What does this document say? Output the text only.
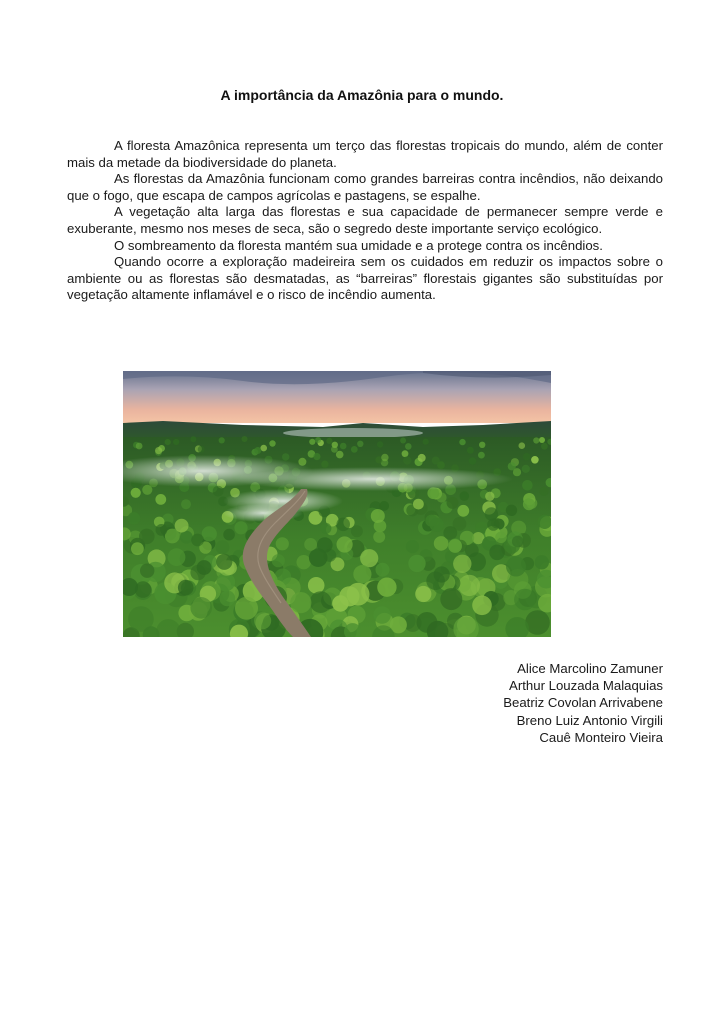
A importância da Amazônia para o mundo.

A floresta Amazônica representa um terço das florestas tropicais do mundo, além de conter mais da metade da biodiversidade do planeta.

As florestas da Amazônia funcionam como grandes barreiras contra incêndios, não deixando que o fogo, que escapa de campos agrícolas e pastagens, se espalhe.

A vegetação alta larga das florestas e sua capacidade de permanecer sempre verde e exuberante, mesmo nos meses de seca, são o segredo deste importante serviço ecológico.

O sombreamento da floresta mantém sua umidade e a protege contra os incêndios.

Quando ocorre a exploração madeireira sem os cuidados em reduzir os impactos sobre o ambiente ou as florestas são desmatadas, as “barreiras” florestais gigantes são substituídas por vegetação altamente inflamável e o risco de incêndio aumenta.

Alice Marcolino Zamuner
Arthur Louzada Malaquias
Beatriz Covolan Arrivabene
Breno Luiz Antonio Virgili
Cauê Monteiro Vieira
